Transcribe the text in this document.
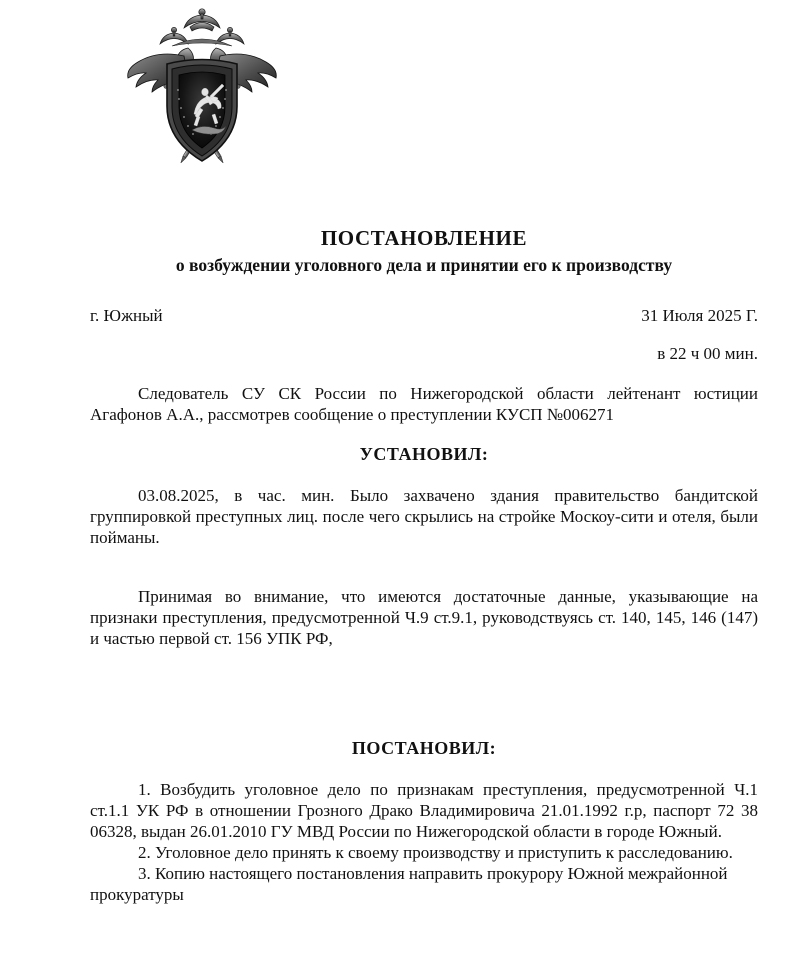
ПОСТАНОВЛЕНИЕ
о возбуждении уголовного дела и принятии его к производству
г. Южный	31 Июля 2025 Г.
в 22 ч 00 мин.
Следователь СУ СК России по Нижегородской области лейтенант юстиции Агафонов А.А., рассмотрев сообщение о преступлении КУСП №006271
УСТАНОВИЛ:
03.08.2025, в час. мин. Было захвачено здания правительство бандитской группировкой преступных лиц. после чего скрылись на стройке Москоу-сити и отеля, были пойманы.
Принимая во внимание, что имеются достаточные данные, указывающие на признаки преступления, предусмотренной Ч.9 ст.9.1, руководствуясь ст. 140, 145, 146 (147) и частью первой ст. 156 УПК РФ,
ПОСТАНОВИЛ:

1. Возбудить уголовное дело по признакам преступления, предусмотренной Ч.1 ст.1.1 УК РФ в отношении Грозного Драко Владимировича 21.01.1992 г.р, паспорт 72 38 06328, выдан 26.01.2010 ГУ МВД России по Нижегородской области в городе Южный.

2. Уголовное дело принять к своему производству и приступить к расследованию.

3. Копию настоящего постановления направить прокурору Южной межрайонной прокуратуры
